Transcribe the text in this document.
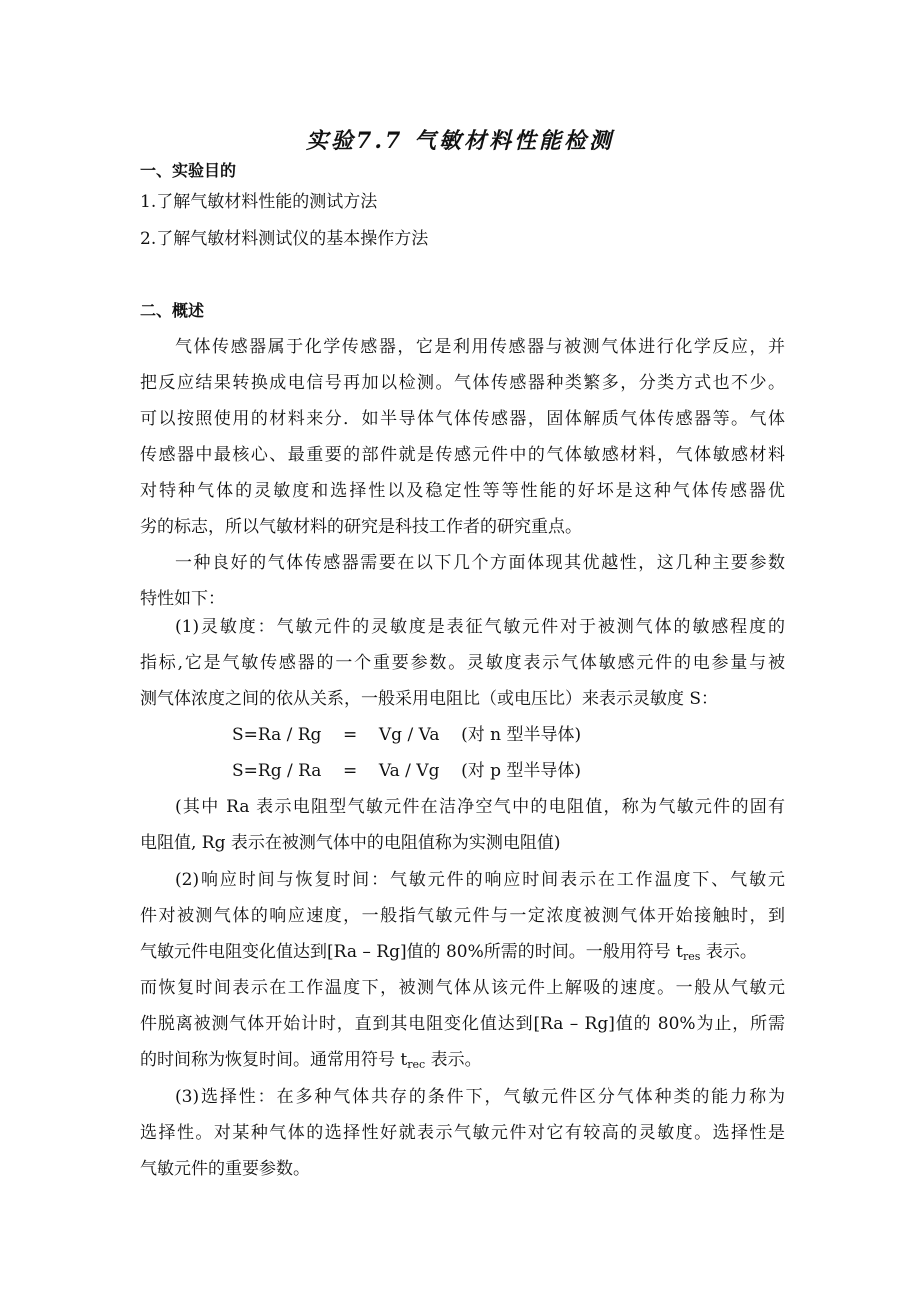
实验7.7 气敏材料性能检测
一、实验目的
1.了解气敏材料性能的测试方法
2.了解气敏材料测试仪的基本操作方法
二、概述
气体传感器属于化学传感器，它是利用传感器与被测气体进行化学反应，并
把反应结果转换成电信号再加以检测。气体传感器种类繁多，分类方式也不少。
可以按照使用的材料来分．如半导体气体传感器，固体解质气体传感器等。气体
传感器中最核心、最重要的部件就是传感元件中的气体敏感材料，气体敏感材料
对特种气体的灵敏度和选择性以及稳定性等等性能的好坏是这种气体传感器优
劣的标志，所以气敏材料的研究是科技工作者的研究重点。
一种良好的气体传感器需要在以下几个方面体现其优越性，这几种主要参数
特性如下：
(1)灵敏度：气敏元件的灵敏度是表征气敏元件对于被测气体的敏感程度的
指标,它是气敏传感器的一个重要参数。灵敏度表示气体敏感元件的电参量与被
测气体浓度之间的依从关系，一般采用电阻比（或电压比）来表示灵敏度 S：
S=Ra / Rg    =    Vg / Va    (对 n 型半导体)
S=Rg / Ra    =    Va / Vg    (对 p 型半导体)
(其中 Ra 表示电阻型气敏元件在洁净空气中的电阻值，称为气敏元件的固有
电阻值, Rg 表示在被测气体中的电阻值称为实测电阻值)
(2)响应时间与恢复时间：气敏元件的响应时间表示在工作温度下、气敏元
件对被测气体的响应速度，一般指气敏元件与一定浓度被测气体开始接触时，到
气敏元件电阻变化值达到[Ra – Rg]值的 80%所需的时间。一般用符号 $t_{res}$ 表示。
而恢复时间表示在工作温度下，被测气体从该元件上解吸的速度。一般从气敏元
件脱离被测气体开始计时，直到其电阻变化值达到[Ra – Rg]值的 80%为止，所需
的时间称为恢复时间。通常用符号 $t_{rec}$ 表示。
(3)选择性：在多种气体共存的条件下，气敏元件区分气体种类的能力称为
选择性。对某种气体的选择性好就表示气敏元件对它有较高的灵敏度。选择性是
气敏元件的重要参数。
